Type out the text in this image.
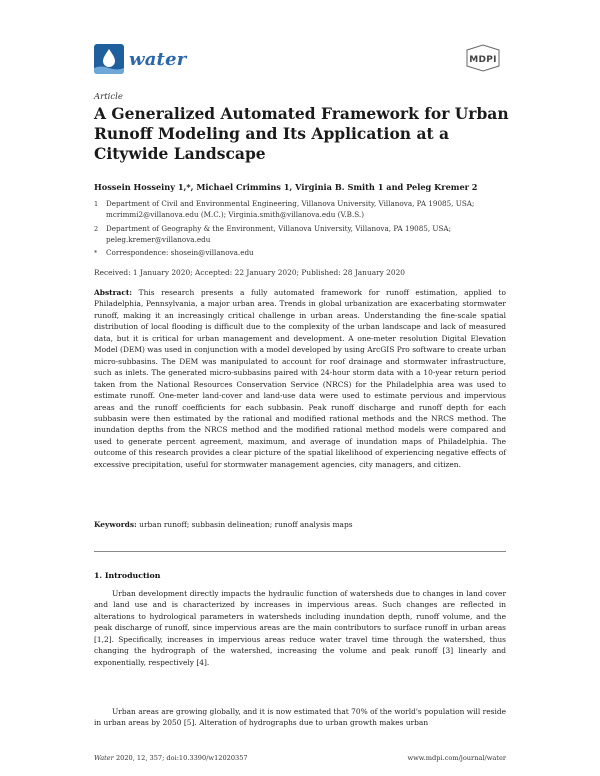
water	MDPI
Article
A Generalized Automated Framework for Urban Runoff Modeling and Its Application at a Citywide Landscape
Hossein Hosseiny 1,*, Michael Crimmins 1, Virginia B. Smith 1 and Peleg Kremer 2
1 Department of Civil and Environmental Engineering, Villanova University, Villanova, PA 19085, USA; mcrimmi2@villanova.edu (M.C.); Virginia.smith@villanova.edu (V.B.S.)
2 Department of Geography & the Environment, Villanova University, Villanova, PA 19085, USA; peleg.kremer@villanova.edu
* Correspondence: shosein@villanova.edu
Received: 1 January 2020; Accepted: 22 January 2020; Published: 28 January 2020

Abstract: This research presents a fully automated framework for runoff estimation, applied to Philadelphia, Pennsylvania, a major urban area. Trends in global urbanization are exacerbating stormwater runoff, making it an increasingly critical challenge in urban areas. Understanding the fine-scale spatial distribution of local flooding is difficult due to the complexity of the urban landscape and lack of measured data, but it is critical for urban management and development. A one-meter resolution Digital Elevation Model (DEM) was used in conjunction with a model developed by using ArcGIS Pro software to create urban micro-subbasins. The DEM was manipulated to account for roof drainage and stormwater infrastructure, such as inlets. The generated micro-subbasins paired with 24-hour storm data with a 10-year return period taken from the National Resources Conservation Service (NRCS) for the Philadelphia area was used to estimate runoff. One-meter land-cover and land-use data were used to estimate pervious and impervious areas and the runoff coefficients for each subbasin. Peak runoff discharge and runoff depth for each subbasin were then estimated by the rational and modified rational methods and the NRCS method. The inundation depths from the NRCS method and the modified rational method models were compared and used to generate percent agreement, maximum, and average of inundation maps of Philadelphia. The outcome of this research provides a clear picture of the spatial likelihood of experiencing negative effects of excessive precipitation, useful for stormwater management agencies, city managers, and citizen.

Keywords: urban runoff; subbasin delineation; runoff analysis maps
1. Introduction

Urban development directly impacts the hydraulic function of watersheds due to changes in land cover and land use and is characterized by increases in impervious areas. Such changes are reflected in alterations to hydrological parameters in watersheds including inundation depth, runoff volume, and the peak discharge of runoff, since impervious areas are the main contributors to surface runoff in urban areas [1,2]. Specifically, increases in impervious areas reduce water travel time through the watershed, thus changing the hydrograph of the watershed, increasing the volume and peak runoff [3] linearly and exponentially, respectively [4].

Urban areas are growing globally, and it is now estimated that 70% of the world's population will reside in urban areas by 2050 [5]. Alteration of hydrographs due to urban growth makes urban

Water 2020, 12, 357; doi:10.3390/w12020357	www.mdpi.com/journal/water
